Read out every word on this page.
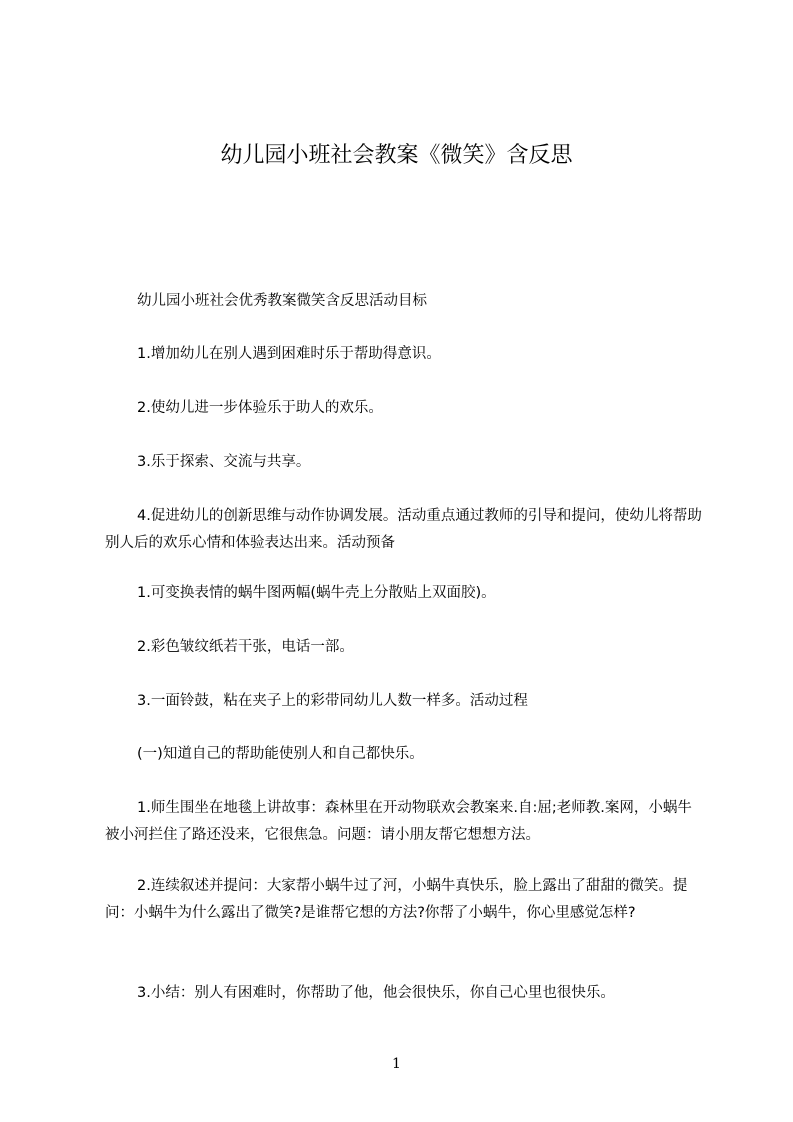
幼儿园小班社会教案《微笑》含反思
幼儿园小班社会优秀教案微笑含反思活动目标
1.增加幼儿在别人遇到困难时乐于帮助得意识。
2.使幼儿进一步体验乐于助人的欢乐。
3.乐于探索、交流与共享。
4.促进幼儿的创新思维与动作协调发展。活动重点通过教师的引导和提问，使幼儿将帮助别人后的欢乐心情和体验表达出来。活动预备
1.可变换表情的蜗牛图两幅(蜗牛壳上分散贴上双面胶)。
2.彩色皱纹纸若干张，电话一部。
3.一面铃鼓，粘在夹子上的彩带同幼儿人数一样多。活动过程
(一)知道自己的帮助能使别人和自己都快乐。
1.师生围坐在地毯上讲故事：森林里在开动物联欢会教案来.自:屈;老师教.案网，小蜗牛被小河拦住了路还没来，它很焦急。问题：请小朋友帮它想想方法。
2.连续叙述并提问：大家帮小蜗牛过了河，小蜗牛真快乐，脸上露出了甜甜的微笑。提问：小蜗牛为什么露出了微笑?是谁帮它想的方法?你帮了小蜗牛，你心里感觉怎样?
3.小结：别人有困难时，你帮助了他，他会很快乐，你自己心里也很快乐。
1
